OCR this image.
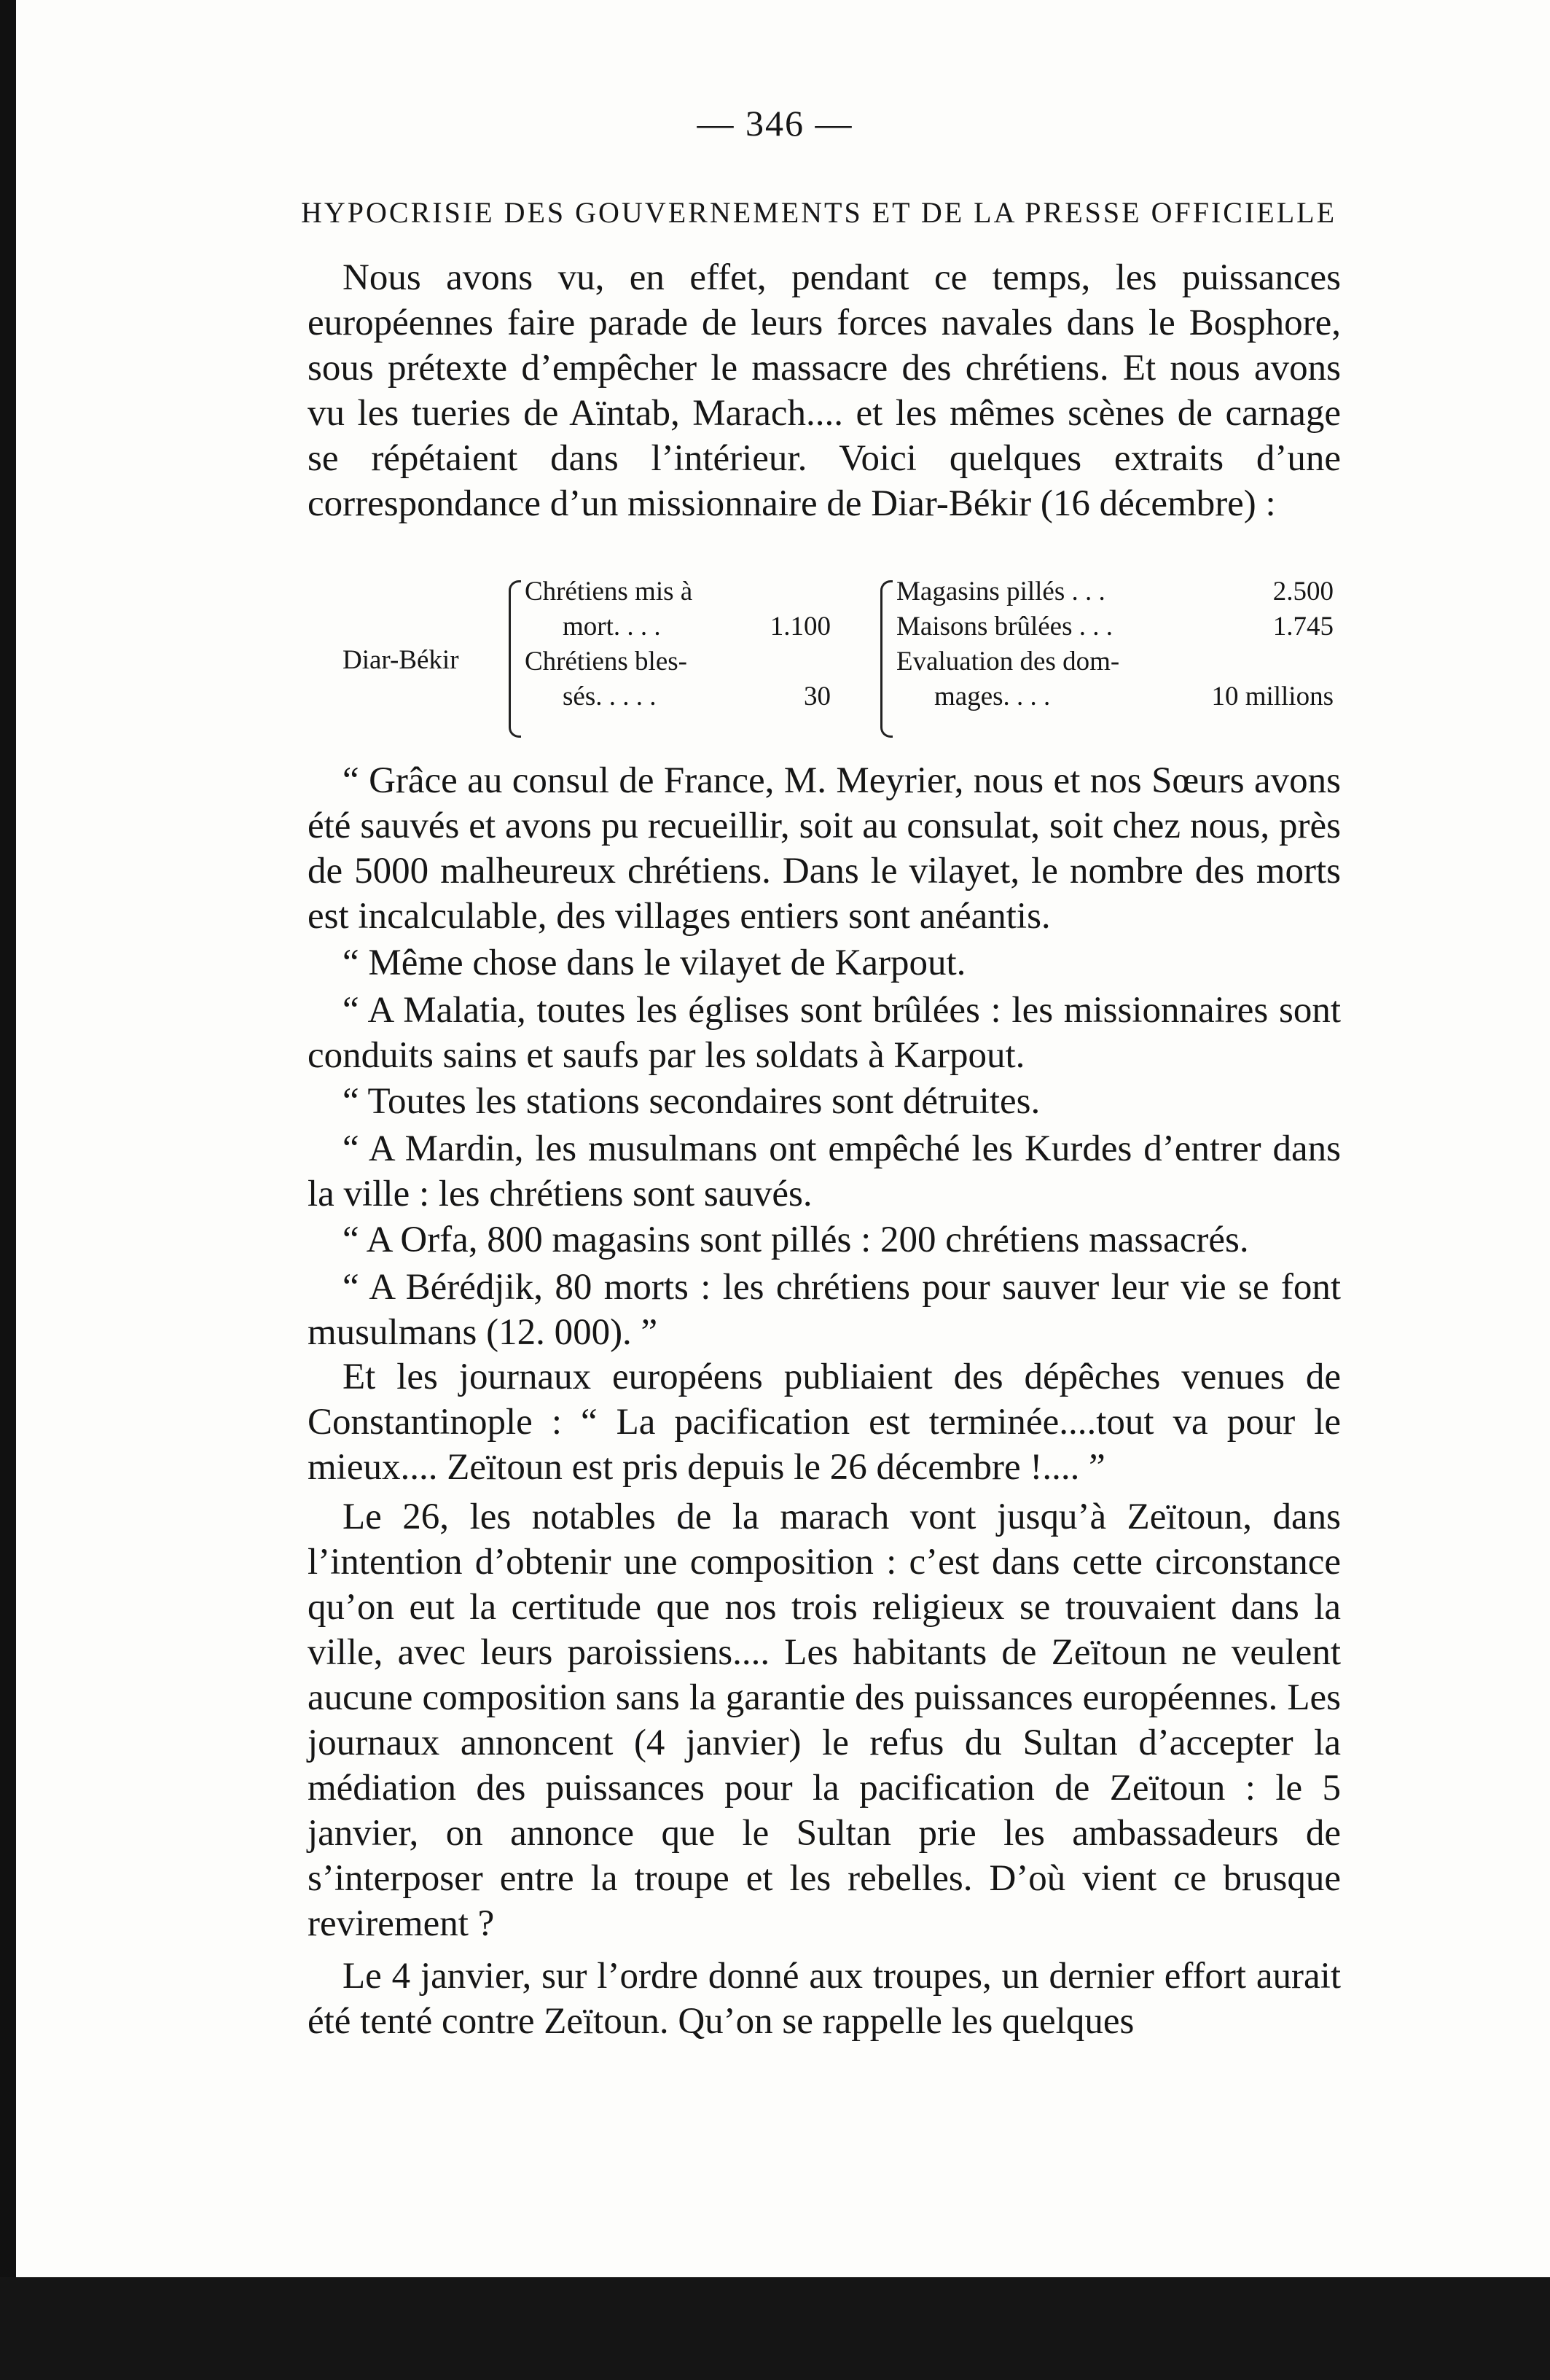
— 346 —
HYPOCRISIE DES GOUVERNEMENTS ET DE LA PRESSE OFFICIELLE

Nous avons vu, en effet, pendant ce temps, les puissances européennes faire parade de leurs forces navales dans le Bosphore, sous prétexte d’empêcher le massacre des chrétiens. Et nous avons vu les tueries de Aïntab, Marach.... et les mêmes scènes de carnage se répétaient dans l’intérieur. Voici quelques extraits d’une correspondance d’un missionnaire de Diar-Békir (16 décembre) :

Diar-Békir
Chrétiens mis à
mort. . . .	1.100
Chrétiens bles-
sés. . . . .	30
Magasins pillés . . .	2.500
Maisons brûlées . . .	1.745
Evaluation des dom-
mages. . . .	10 millions

“ Grâce au consul de France, M. Meyrier, nous et nos Sœurs avons été sauvés et avons pu recueillir, soit au consulat, soit chez nous, près de 5000 malheureux chrétiens. Dans le vilayet, le nombre des morts est incalculable, des villages entiers sont anéantis.

“ Même chose dans le vilayet de Karpout.

“ A Malatia, toutes les églises sont brûlées : les missionnaires sont conduits sains et saufs par les soldats à Karpout.

“ Toutes les stations secondaires sont détruites.

“ A Mardin, les musulmans ont empêché les Kurdes d’entrer dans la ville : les chrétiens sont sauvés.

“ A Orfa, 800 magasins sont pillés : 200 chrétiens massacrés.

“ A Bérédjik, 80 morts : les chrétiens pour sauver leur vie se font musulmans (12. 000). ”

Et les journaux européens publiaient des dépêches venues de Constantinople : “ La pacification est terminée....tout va pour le mieux.... Zeïtoun est pris depuis le 26 décembre !.... ”

Le 26, les notables de la marach vont jusqu’à Zeïtoun, dans l’intention d’obtenir une composition : c’est dans cette circonstance qu’on eut la certitude que nos trois religieux se trouvaient dans la ville, avec leurs paroissiens.... Les habitants de Zeïtoun ne veulent aucune composition sans la garantie des puissances européennes. Les journaux annoncent (4 janvier) le refus du Sultan d’accepter la médiation des puissances pour la pacification de Zeïtoun : le 5 janvier, on annonce que le Sultan prie les ambassadeurs de s’interposer entre la troupe et les rebelles. D’où vient ce brusque revirement ?

Le 4 janvier, sur l’ordre donné aux troupes, un dernier effort aurait été tenté contre Zeïtoun. Qu’on se rappelle les quelques
